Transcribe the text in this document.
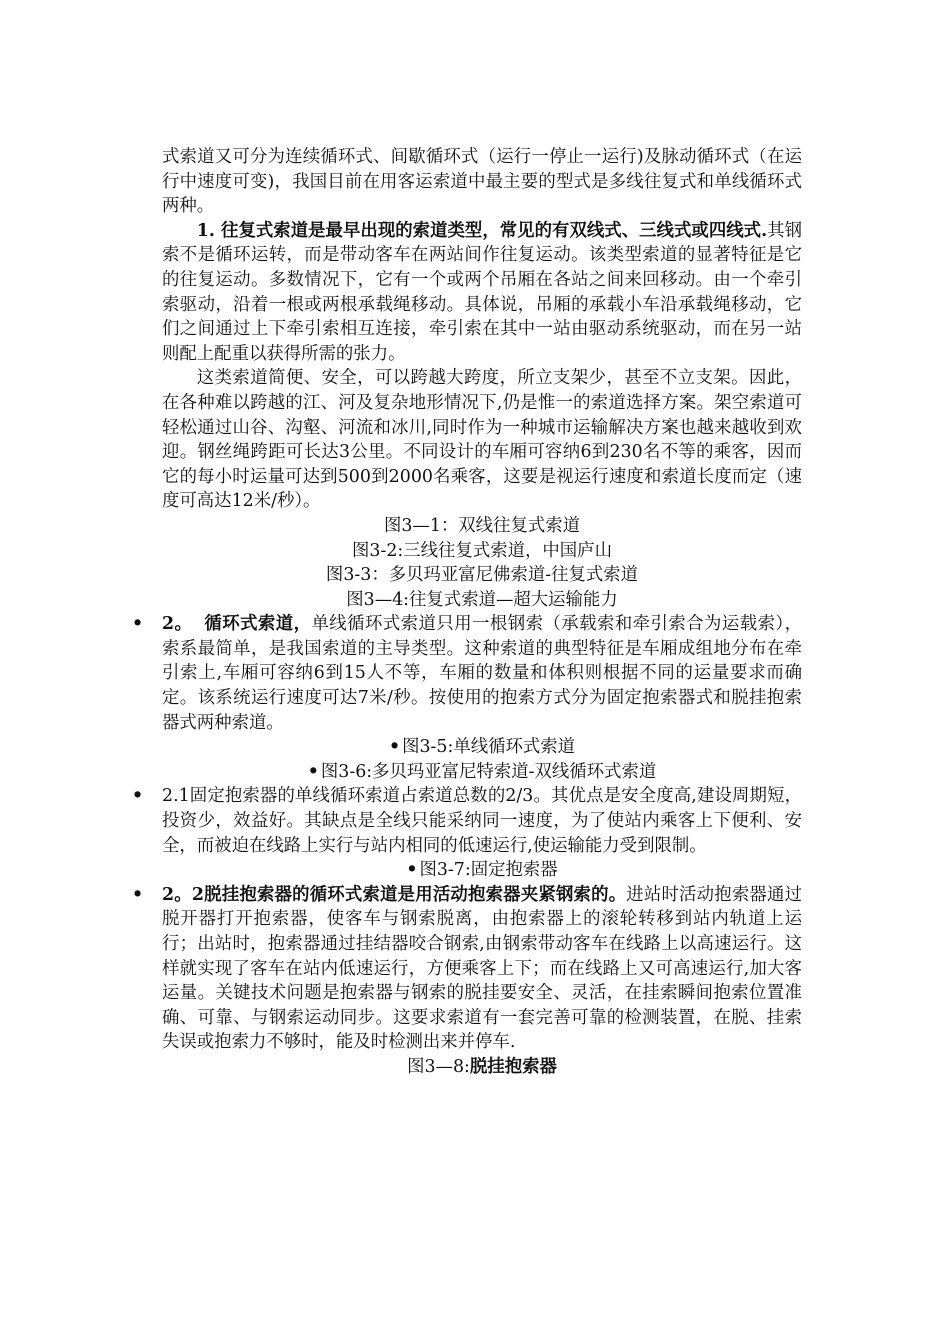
式索道又可分为连续循环式、间歇循环式（运行一停止一运行)及脉动循环式（在运行中速度可变)，我国目前在用客运索道中最主要的型式是多线往复式和单线循环式两种。

1. 往复式索道是最早出现的索道类型，常见的有双线式、三线式或四线式.其钢索不是循环运转，而是带动客车在两站间作往复运动。该类型索道的显著特征是它的往复运动。多数情况下，它有一个或两个吊厢在各站之间来回移动。由一个牵引索驱动，沿着一根或两根承载绳移动。具体说，吊厢的承载小车沿承载绳移动，它们之间通过上下牵引索相互连接，牵引索在其中一站由驱动系统驱动，而在另一站则配上配重以获得所需的张力。

这类索道简便、安全，可以跨越大跨度，所立支架少，甚至不立支架。因此，在各种难以跨越的江、河及复杂地形情况下,仍是惟一的索道选择方案。架空索道可轻松通过山谷、沟壑、河流和冰川,同时作为一种城市运输解决方案也越来越收到欢迎。钢丝绳跨距可长达3公里。不同设计的车厢可容纳6到230名不等的乘客，因而它的每小时运量可达到500到2000名乘客，这要是视运行速度和索道长度而定（速度可高达12米/秒）。

图3—1：双线往复式索道

图3-2:三线往复式索道，中国庐山

图3-3：多贝玛亚富尼佛索道-往复式索道

图3—4:往复式索道—超大运输能力

• 2。 循环式索道，单线循环式索道只用一根钢索（承载索和牵引索合为运载索），索系最简单，是我国索道的主导类型。这种索道的典型特征是车厢成组地分布在牵引索上,车厢可容纳6到15人不等，车厢的数量和体积则根据不同的运量要求而确定。该系统运行速度可达7米/秒。按使用的抱索方式分为固定抱索器式和脱挂抱索器式两种索道。

• 图3-5:单线循环式索道

• 图3-6:多贝玛亚富尼特索道-双线循环式索道

• 2.1固定抱索器的单线循环索道占索道总数的2/3。其优点是安全度高,建设周期短，投资少，效益好。其缺点是全线只能采纳同一速度，为了使站内乘客上下便利、安全，而被迫在线路上实行与站内相同的低速运行,使运输能力受到限制。

• 图3-7:固定抱索器

• 2。2脱挂抱索器的循环式索道是用活动抱索器夹紧钢索的。进站时活动抱索器通过脱开器打开抱索器，使客车与钢索脱离，由抱索器上的滚轮转移到站内轨道上运行；出站时，抱索器通过挂结器咬合钢索,由钢索带动客车在线路上以高速运行。这样就实现了客车在站内低速运行，方便乘客上下；而在线路上又可高速运行,加大客运量。关键技术问题是抱索器与钢索的脱挂要安全、灵活，在挂索瞬间抱索位置准确、可靠、与钢索运动同步。这要求索道有一套完善可靠的检测装置，在脱、挂索失误或抱索力不够时，能及时检测出来并停车.

图3—8:脱挂抱索器
